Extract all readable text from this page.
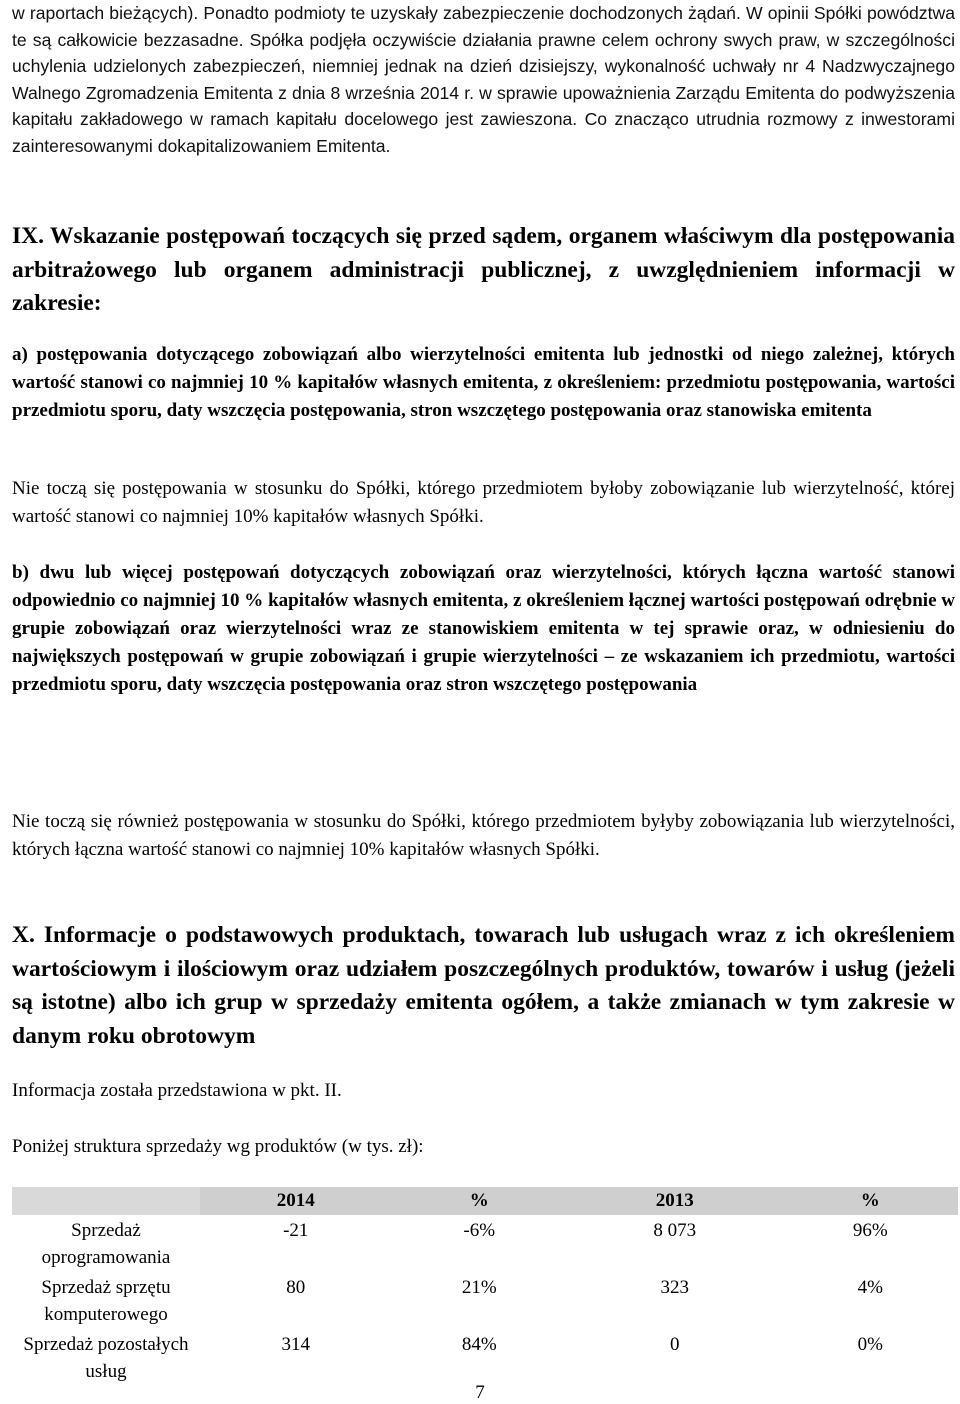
w raportach bieżących). Ponadto podmioty te uzyskały zabezpieczenie dochodzonych żądań. W opinii Spółki powództwa te są całkowicie bezzasadne. Spółka podjęła oczywiście działania prawne celem ochrony swych praw, w szczególności uchylenia udzielonych zabezpieczeń, niemniej jednak na dzień dzisiejszy, wykonalność uchwały nr 4 Nadzwyczajnego Walnego Zgromadzenia Emitenta z dnia 8 września 2014 r. w sprawie upoważnienia Zarządu Emitenta do podwyższenia kapitału zakładowego w ramach kapitału docelowego jest zawieszona. Co znacząco utrudnia rozmowy z inwestorami zainteresowanymi dokapitalizowaniem Emitenta.

IX. Wskazanie postępowań toczących się przed sądem, organem właściwym dla postępowania arbitrażowego lub organem administracji publicznej, z uwzględnieniem informacji w zakresie:

a) postępowania dotyczącego zobowiązań albo wierzytelności emitenta lub jednostki od niego zależnej, których wartość stanowi co najmniej 10 % kapitałów własnych emitenta, z określeniem: przedmiotu postępowania, wartości przedmiotu sporu, daty wszczęcia postępowania, stron wszczętego postępowania oraz stanowiska emitenta

Nie toczą się postępowania w stosunku do Spółki, którego przedmiotem byłoby zobowiązanie lub wierzytelność, której wartość stanowi co najmniej 10% kapitałów własnych Spółki.

b) dwu lub więcej postępowań dotyczących zobowiązań oraz wierzytelności, których łączna wartość stanowi odpowiednio co najmniej 10 % kapitałów własnych emitenta, z określeniem łącznej wartości postępowań odrębnie w grupie zobowiązań oraz wierzytelności wraz ze stanowiskiem emitenta w tej sprawie oraz, w odniesieniu do największych postępowań w grupie zobowiązań i grupie wierzytelności – ze wskazaniem ich przedmiotu, wartości przedmiotu sporu, daty wszczęcia postępowania oraz stron wszczętego postępowania

Nie toczą się również postępowania w stosunku do Spółki, którego przedmiotem byłyby zobowiązania lub wierzytelności, których łączna wartość stanowi co najmniej 10% kapitałów własnych Spółki.

X. Informacje o podstawowych produktach, towarach lub usługach wraz z ich określeniem wartościowym i ilościowym oraz udziałem poszczególnych produktów, towarów i usług (jeżeli są istotne) albo ich grup w sprzedaży emitenta ogółem, a także zmianach w tym zakresie w danym roku obrotowym

Informacja została przedstawiona w pkt. II.

Poniżej struktura sprzedaży wg produktów (w tys. zł):

	2014	%	2013	%
Sprzedaż oprogramowania	-21	-6%	8 073	96%
Sprzedaż sprzętu komputerowego	80	21%	323	4%
Sprzedaż pozostałych usług	314	84%	0	0%
7
